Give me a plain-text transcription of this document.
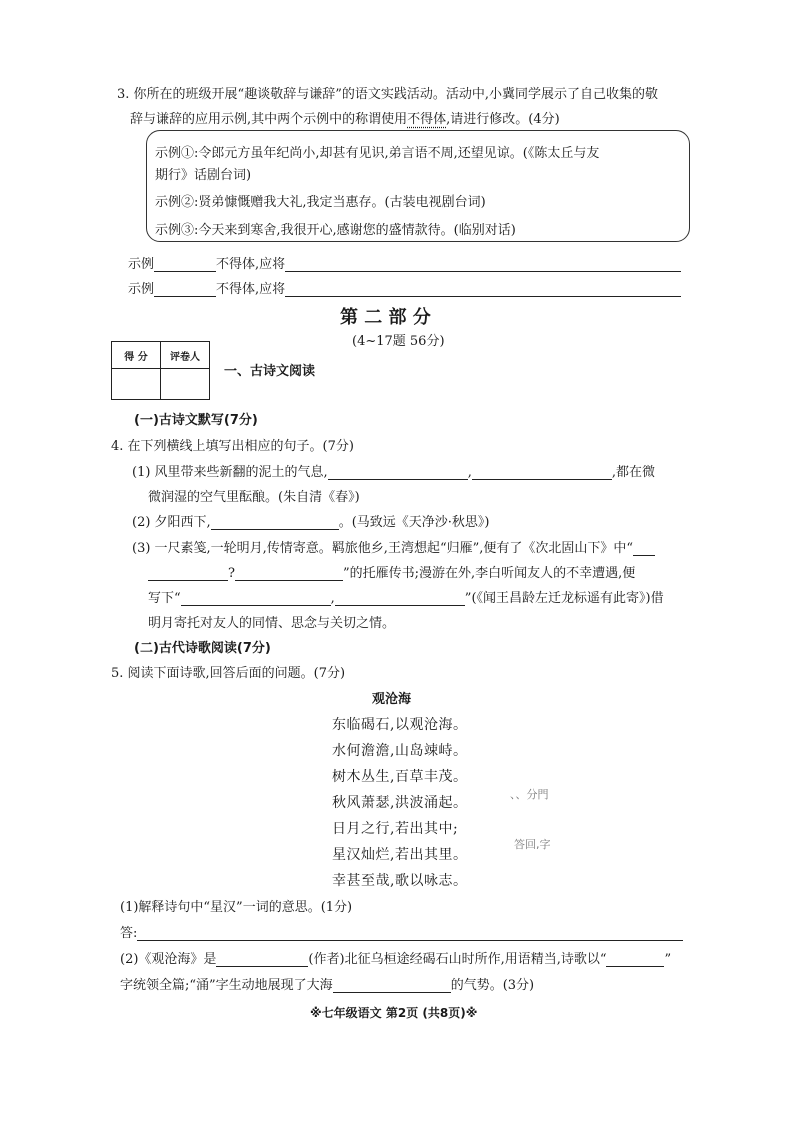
3. 你所在的班级开展“趣谈敬辞与谦辞”的语文实践活动。活动中,小冀同学展示了自己收集的敬
辞与谦辞的应用示例,其中两个示例中的称谓使用不得体,请进行修改。(4分)
示例①:令郎元方虽年纪尚小,却甚有见识,弟言语不周,还望见谅。(《陈太丘与友
期行》话剧台词)
示例②:贤弟慷慨赠我大礼,我定当惠存。(古装电视剧台词)
示例③:今天来到寒舍,我很开心,感谢您的盛情款待。(临别对话)
示例	不得体,应将
示例	不得体,应将
第 二 部 分
(4~17题 56分)
得 分	评卷人

一、古诗文阅读
(一)古诗文默写(7分)
4. 在下列横线上填写出相应的句子。(7分)
(1) 风里带来些新翻的泥土的气息,	,	,都在微
微润湿的空气里酝酿。(朱自清《春》)
(2) 夕阳西下,	。(马致远《天净沙·秋思》)
(3) 一尺素笺,一轮明月,传情寄意。羁旅他乡,王湾想起“归雁”,便有了《次北固山下》中“
?	”的托雁传书;漫游在外,李白听闻友人的不幸遭遇,便
写下“	,	”(《闻王昌龄左迁龙标遥有此寄》)借
明月寄托对友人的同情、思念与关切之情。
(二)古代诗歌阅读(7分)
5. 阅读下面诗歌,回答后面的问题。(7分)
观沧海
东临碣石,以观沧海。
水何澹澹,山岛竦峙。
树木丛生,百草丰茂。
秋风萧瑟,洪波涌起。
日月之行,若出其中;
星汉灿烂,若出其里。
幸甚至哉,歌以咏志。
、、分門
答回,字
(1)解释诗句中“星汉”一词的意思。(1分)
答:
(2)《观沧海》是	(作者)北征乌桓途经碣石山时所作,用语精当,诗歌以“	”
字统领全篇;“涌”字生动地展现了大海	的气势。(3分)
※七年级语文 第2页 (共8页)※
